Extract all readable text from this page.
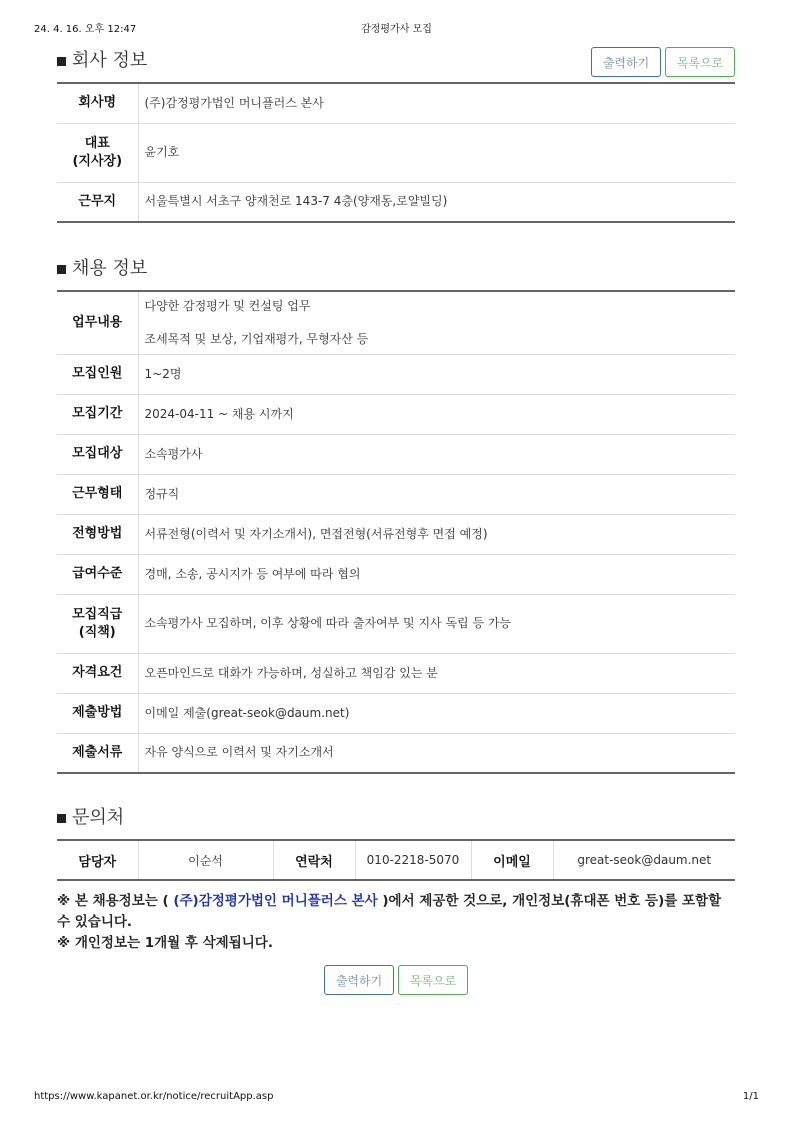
24. 4. 16. 오후 12:47	감정평가사 모집
회사 정보	출력하기	목록으로
회사명	(주)감정평가법인 머니플러스 본사
대표
(지사장)	윤기호
근무지	서울특별시 서초구 양재천로 143-7 4층(양재동,로얄빌딩)
채용 정보
업무내용	다양한 감정평가 및 컨설팅 업무
조세목적 및 보상, 기업재평가, 무형자산 등

모집인원	1~2명
모집기간	2024-04-11 ~ 채용 시까지
모집대상	소속평가사
근무형태	정규직
전형방법	서류전형(이력서 및 자기소개서), 면접전형(서류전형후 면접 예정)
급여수준	경매, 소송, 공시지가 등 여부에 따라 협의
모집직급
(직책)	소속평가사 모집하며, 이후 상황에 따라 출자여부 및 지사 독립 등 가능
자격요건	오픈마인드로 대화가 가능하며, 성실하고 책임감 있는 분
제출방법	이메일 제출(great-seok@daum.net)
제출서류	자유 양식으로 이력서 및 자기소개서
문의처
담당자	이순석	연락처	010-2218-5070	이메일	great-seok@daum.net
※ 본 채용정보는 ( (주)감정평가법인 머니플러스 본사 )에서 제공한 것으로, 개인정보(휴대폰 번호 등)를 포함할 수 있습니다.
※ 개인정보는 1개월 후 삭제됩니다.
출력하기	목록으로
https://www.kapanet.or.kr/notice/recruitApp.asp	1/1
